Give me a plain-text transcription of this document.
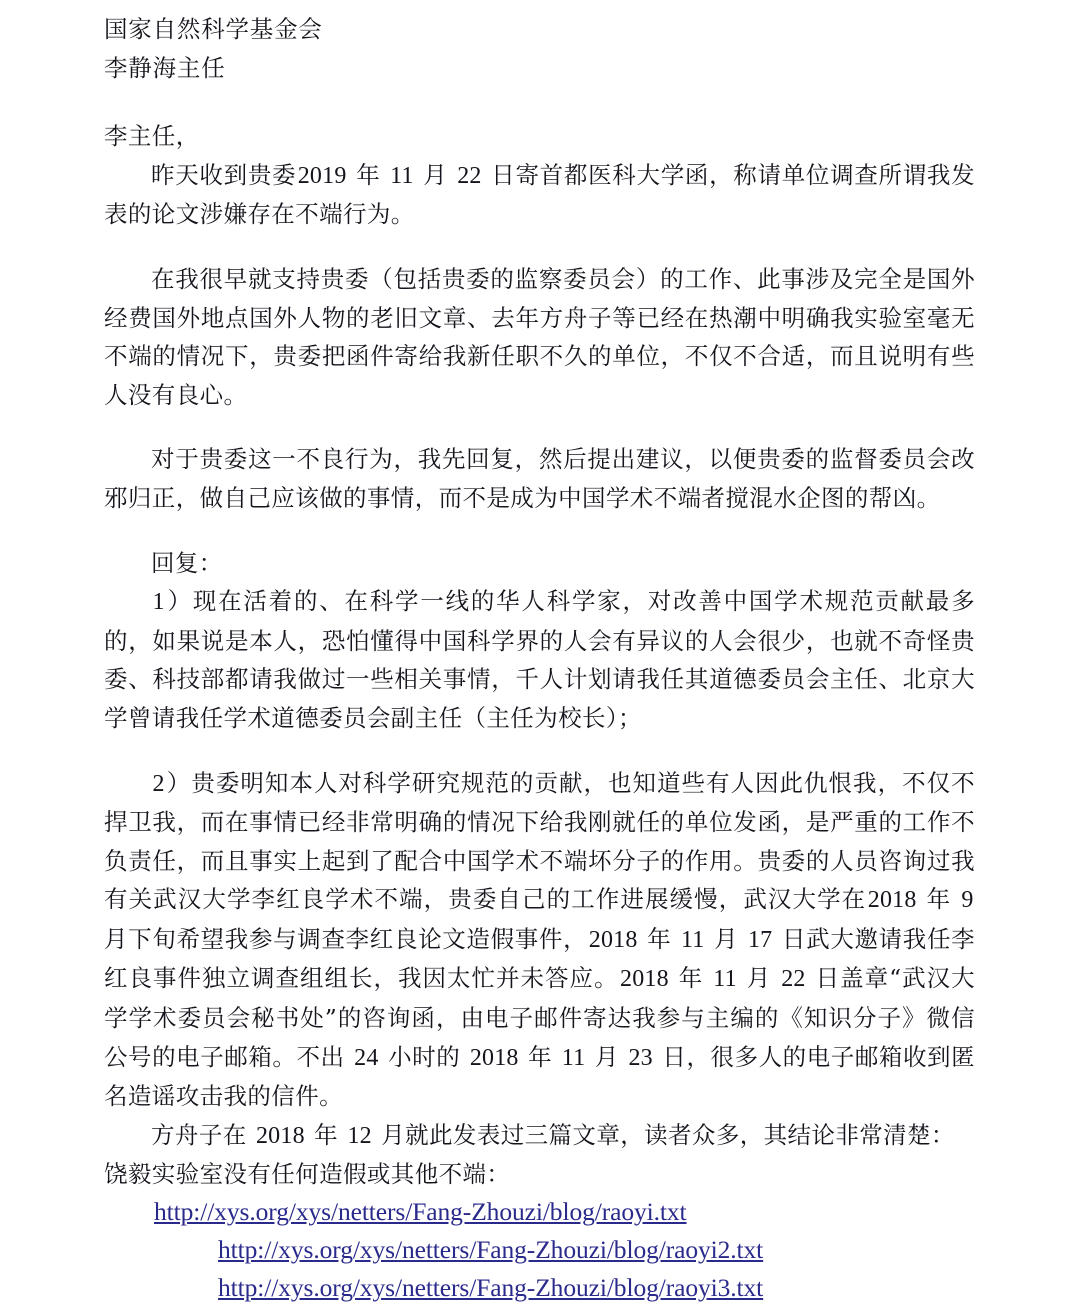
国家自然科学基金会
李静海主任

李主任，

昨天收到贵委2019 年 11 月 22 日寄首都医科大学函，称请单位调查所谓我发表的论文涉嫌存在不端行为。

在我很早就支持贵委（包括贵委的监察委员会）的工作、此事涉及完全是国外经费国外地点国外人物的老旧文章、去年方舟子等已经在热潮中明确我实验室毫无不端的情况下，贵委把函件寄给我新任职不久的单位，不仅不合适，而且说明有些人没有良心。

对于贵委这一不良行为，我先回复，然后提出建议，以便贵委的监督委员会改邪归正，做自己应该做的事情，而不是成为中国学术不端者搅混水企图的帮凶。

回复：

1）现在活着的、在科学一线的华人科学家，对改善中国学术规范贡献最多的，如果说是本人，恐怕懂得中国科学界的人会有异议的人会很少，也就不奇怪贵委、科技部都请我做过一些相关事情，千人计划请我任其道德委员会主任、北京大学曾请我任学术道德委员会副主任（主任为校长）；

2）贵委明知本人对科学研究规范的贡献，也知道些有人因此仇恨我，不仅不捍卫我，而在事情已经非常明确的情况下给我刚就任的单位发函，是严重的工作不负责任，而且事实上起到了配合中国学术不端坏分子的作用。贵委的人员咨询过我有关武汉大学李红良学术不端，贵委自己的工作进展缓慢，武汉大学在2018 年 9 月下旬希望我参与调查李红良论文造假事件，2018 年 11 月 17 日武大邀请我任李红良事件独立调查组组长，我因太忙并未答应。2018 年 11 月 22 日盖章“武汉大学学术委员会秘书处”的咨询函，由电子邮件寄达我参与主编的《知识分子》微信公号的电子邮箱。不出 24 小时的 2018 年 11 月 23 日，很多人的电子邮箱收到匿名造谣攻击我的信件。

方舟子在 2018 年 12 月就此发表过三篇文章，读者众多，其结论非常清楚：

饶毅实验室没有任何造假或其他不端：

http://xys.org/xys/netters/Fang-Zhouzi/blog/raoyi.txt
http://xys.org/xys/netters/Fang-Zhouzi/blog/raoyi2.txt
http://xys.org/xys/netters/Fang-Zhouzi/blog/raoyi3.txt
